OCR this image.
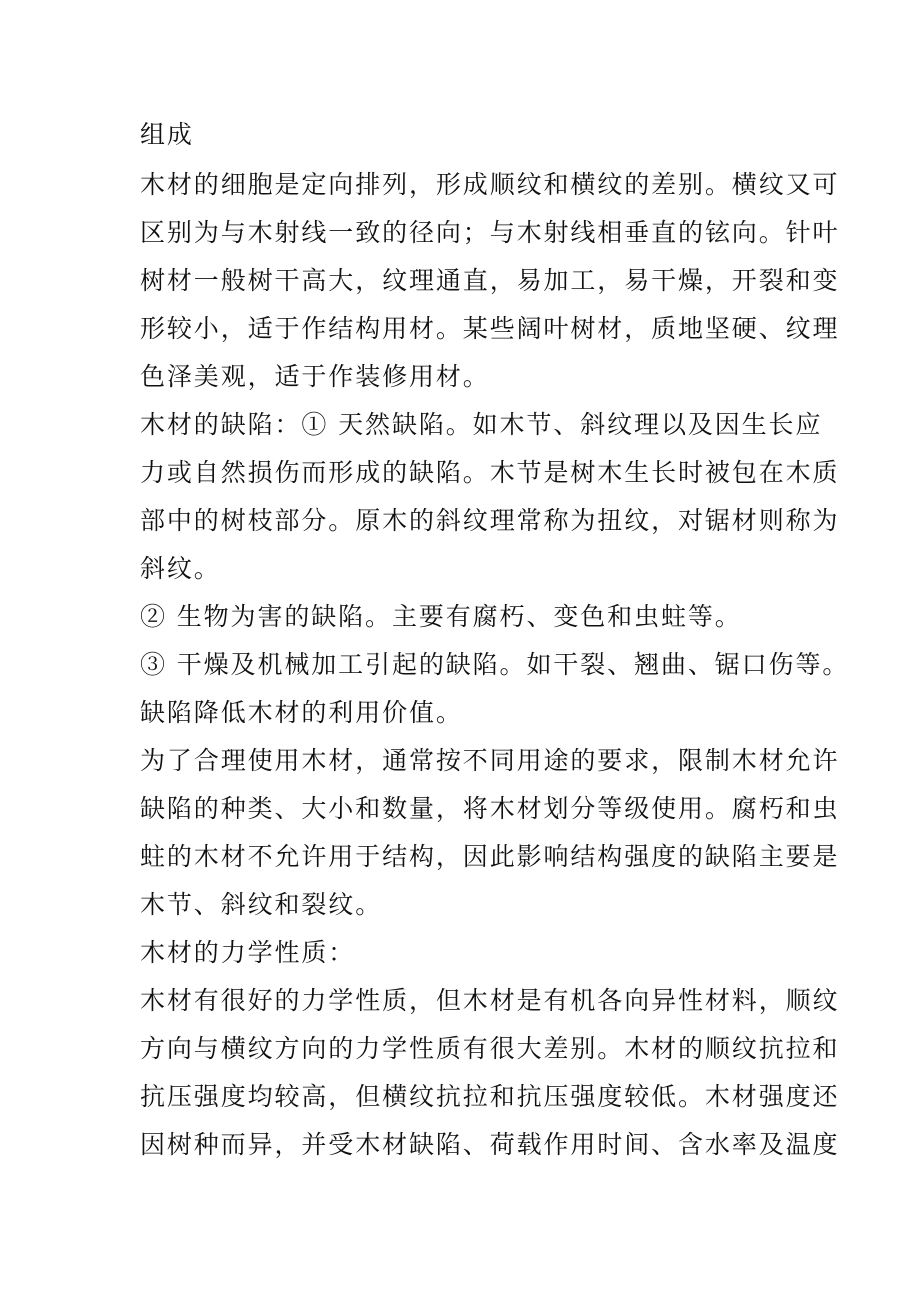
组成

木材的细胞是定向排列，形成顺纹和横纹的差别。横纹又可

区别为与木射线一致的径向；与木射线相垂直的铉向。针叶

树材一般树干高大，纹理通直，易加工，易干燥，开裂和变

形较小，适于作结构用材。某些阔叶树材，质地坚硬、纹理

色泽美观，适于作装修用材。

木材的缺陷：① 天然缺陷。如木节、斜纹理以及因生长应

力或自然损伤而形成的缺陷。木节是树木生长时被包在木质

部中的树枝部分。原木的斜纹理常称为扭纹，对锯材则称为

斜纹。

② 生物为害的缺陷。主要有腐朽、变色和虫蛀等。

③ 干燥及机械加工引起的缺陷。如干裂、翘曲、锯口伤等。

缺陷降低木材的利用价值。

为了合理使用木材，通常按不同用途的要求，限制木材允许

缺陷的种类、大小和数量，将木材划分等级使用。腐朽和虫

蛀的木材不允许用于结构，因此影响结构强度的缺陷主要是

木节、斜纹和裂纹。

木材的力学性质：

木材有很好的力学性质，但木材是有机各向异性材料，顺纹

方向与横纹方向的力学性质有很大差别。木材的顺纹抗拉和

抗压强度均较高，但横纹抗拉和抗压强度较低。木材强度还

因树种而异，并受木材缺陷、荷载作用时间、含水率及温度
